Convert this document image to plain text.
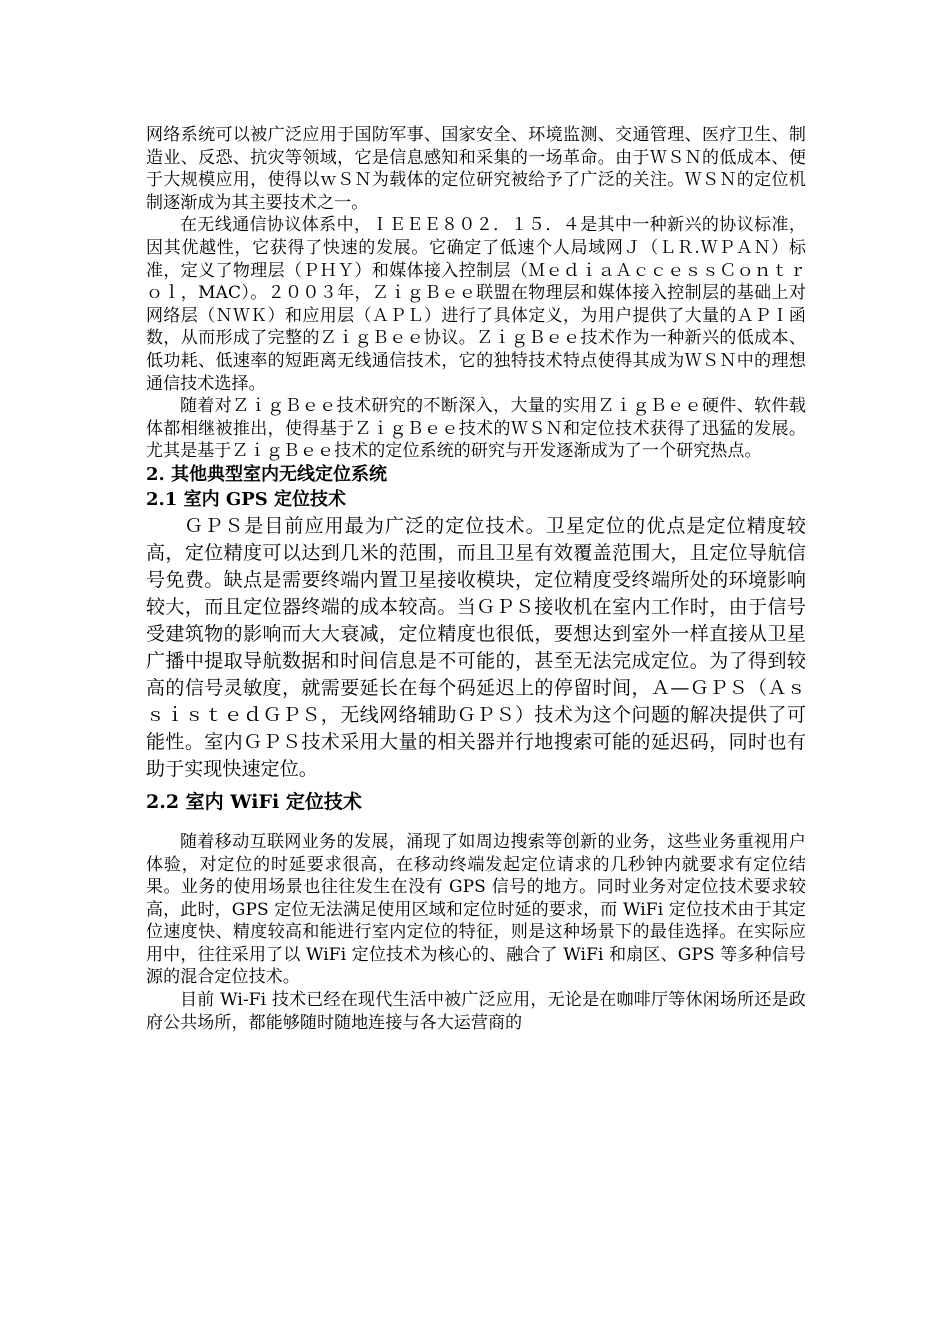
网络系统可以被广泛应用于国防军事、国家安全、环境监测、交通管理、医疗卫生、制造业、反恐、抗灾等领域，它是信息感知和采集的一场革命。由于ＷＳＮ的低成本、便于大规模应用，使得以ｗＳＮ为载体的定位研究被给予了广泛的关注。ＷＳＮ的定位机制逐渐成为其主要技术之一。

在无线通信协议体系中，ＩＥＥＥ８０２．１５．４是其中一种新兴的协议标准，因其优越性，它获得了快速的发展。它确定了低速个人局域网Ｊ（ＬＲ.ＷＰＡＮ）标准，定义了物理层（ＰＨＹ）和媒体接入控制层（ＭｅｄｉａＡｃｃｅｓｓＣｏｎｔｒｏｌ，MAC）。２００３年，ＺｉｇＢｅｅ联盟在物理层和媒体接入控制层的基础上对网络层（ＮＷＫ）和应用层（ＡＰＬ）进行了具体定义，为用户提供了大量的ＡＰＩ函数，从而形成了完整的ＺｉｇＢｅｅ协议。ＺｉｇＢｅｅ技术作为一种新兴的低成本、低功耗、低速率的短距离无线通信技术，它的独特技术特点使得其成为ＷＳＮ中的理想通信技术选择。

随着对ＺｉｇＢｅｅ技术研究的不断深入，大量的实用ＺｉｇＢｅｅ硬件、软件载体都相继被推出，使得基于ＺｉｇＢｅｅ技术的ＷＳＮ和定位技术获得了迅猛的发展。尤其是基于ＺｉｇＢｅｅ技术的定位系统的研究与开发逐渐成为了一个研究热点。

2. 其他典型室内无线定位系统
2.1 室内 GPS 定位技术

ＧＰＳ是目前应用最为广泛的定位技术。卫星定位的优点是定位精度较高，定位精度可以达到几米的范围，而且卫星有效覆盖范围大，且定位导航信号免费。缺点是需要终端内置卫星接收模块，定位精度受终端所处的环境影响较大，而且定位器终端的成本较高。当ＧＰＳ接收机在室内工作时，由于信号受建筑物的影响而大大衰减，定位精度也很低，要想达到室外一样直接从卫星广播中提取导航数据和时间信息是不可能的，甚至无法完成定位。为了得到较高的信号灵敏度，就需要延长在每个码延迟上的停留时间，Ａ—ＧＰＳ（ＡｓｓｉｓｔｅｄＧＰＳ，无线网络辅助ＧＰＳ）技术为这个问题的解决提供了可能性。室内ＧＰＳ技术采用大量的相关器并行地搜索可能的延迟码，同时也有助于实现快速定位。

2.2 室内 WiFi 定位技术

随着移动互联网业务的发展，涌现了如周边搜索等创新的业务，这些业务重视用户体验，对定位的时延要求很高，在移动终端发起定位请求的几秒钟内就要求有定位结果。业务的使用场景也往往发生在没有 GPS 信号的地方。同时业务对定位技术要求较高，此时，GPS 定位无法满足使用区域和定位时延的要求，而 WiFi 定位技术由于其定位速度快、精度较高和能进行室内定位的特征，则是这种场景下的最佳选择。在实际应用中，往往采用了以 WiFi 定位技术为核心的、融合了 WiFi 和扇区、GPS 等多种信号源的混合定位技术。

目前 Wi-Fi 技术已经在现代生活中被广泛应用，无论是在咖啡厅等休闲场所还是政府公共场所，都能够随时随地连接与各大运营商的
